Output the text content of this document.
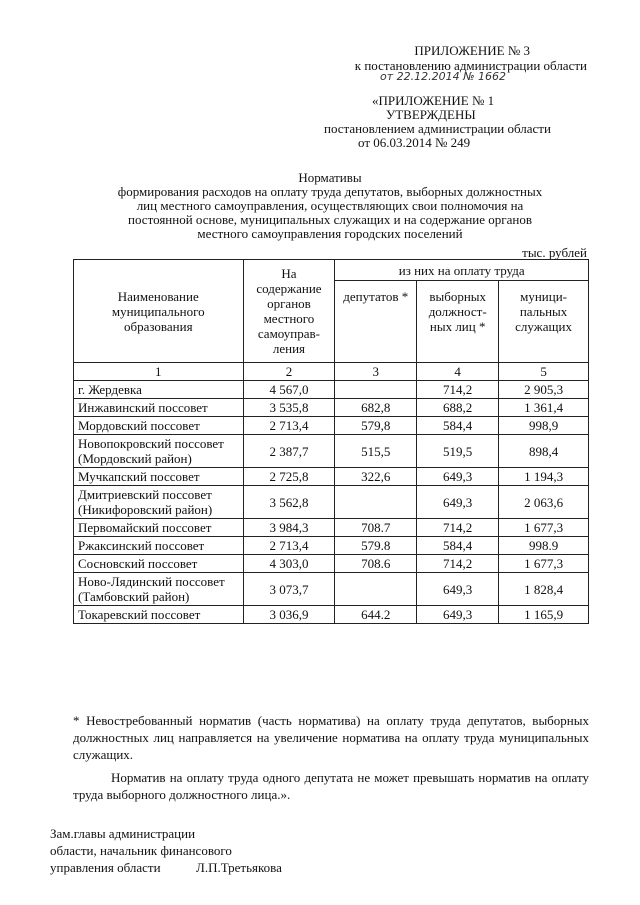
ПРИЛОЖЕНИЕ № 3
к постановлению администрации области
от 22.12.2014 № 1662
«ПРИЛОЖЕНИЕ № 1
УТВЕРЖДЕНЫ
постановлением администрации области
от 06.03.2014 № 249
Нормативы
формирования расходов на оплату труда депутатов, выборных должностных
лиц местного самоуправления, осуществляющих свои полномочия на
постоянной основе, муниципальных служащих и на содержание органов
местного самоуправления городских поселений
тыс. рублей
Наименование муниципального образования	На содержание органов местного самоуправ- ления	из них на оплату труда		
		депутатов *	выборных должност- ных лиц *	муници- пальных служащих
1	2	3	4	5
г. Жердевка	4 567,0		714,2	2 905,3
Инжавинский поссовет	3 535,8	682,8	688,2	1 361,4
Мордовский поссовет	2 713,4	579,8	584,4	998,9
Новопокровский поссовет (Мордовский район)	2 387,7	515,5	519,5	898,4
Мучкапский поссовет	2 725,8	322,6	649,3	1 194,3
Дмитриевский поссовет (Никифоровский район)	3 562,8		649,3	2 063,6
Первомайский поссовет	3 984,3	708.7	714,2	1 677,3
Ржаксинский поссовет	2 713,4	579.8	584,4	998.9
Сосновский поссовет	4 303,0	708.6	714,2	1 677,3
Ново-Лядинский поссовет (Тамбовский район)	3 073,7		649,3	1 828,4
Токаревский поссовет	3 036,9	644.2	649,3	1 165,9
* Невостребованный норматив (часть норматива) на оплату труда депутатов, выборных должностных лиц направляется на увеличение норматива на оплату труда муниципальных служащих.
Норматив на оплату труда одного депутата не может превышать норматив на оплату труда выборного должностного лица.».
Зам.главы администрации
области, начальник финансового
управления области	Л.П.Третьякова
